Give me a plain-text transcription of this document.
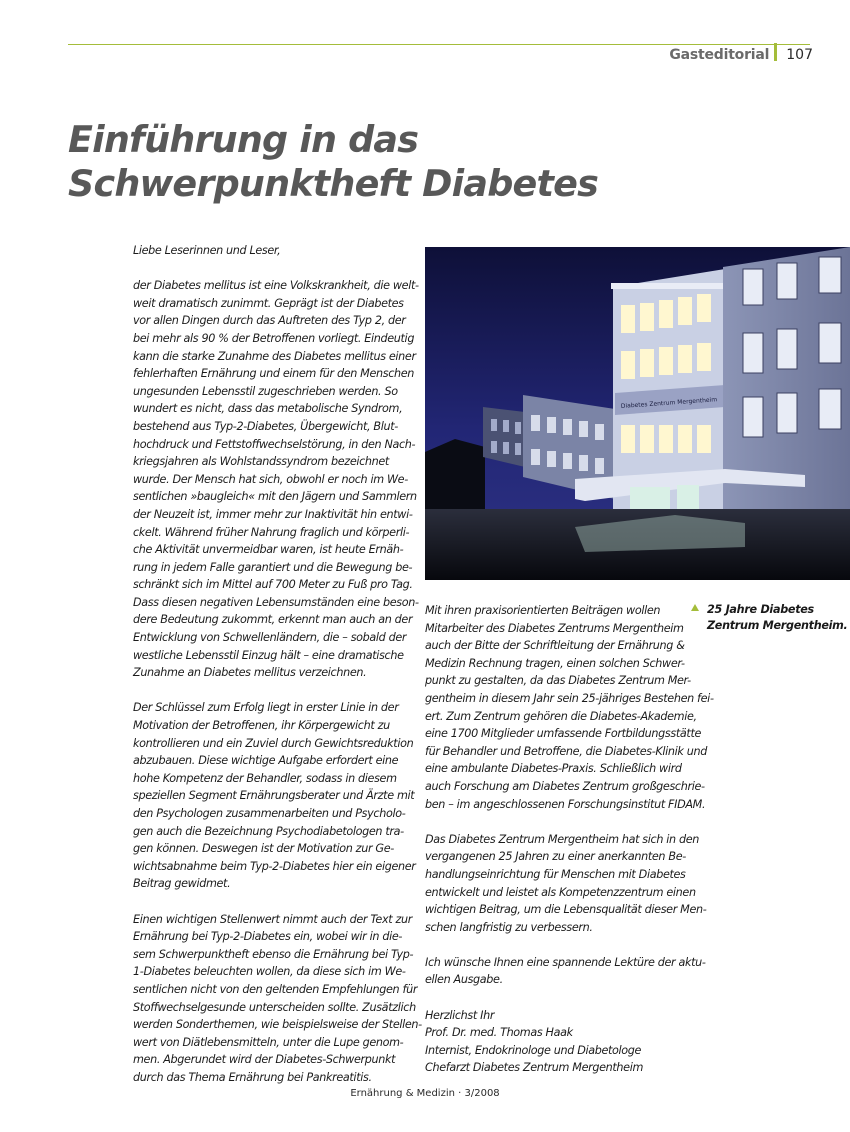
Gasteditorial 107
Einführung in das
Schwerpunktheft Diabetes

Liebe Leserinnen und Leser,

der Diabetes mellitus ist eine Volkskrankheit, die welt-
weit dramatisch zunimmt. Geprägt ist der Diabetes
vor allen Dingen durch das Auftreten des Typ 2, der
bei mehr als 90 % der Betroffenen vorliegt. Eindeutig
kann die starke Zunahme des Diabetes mellitus einer
fehlerhaften Ernährung und einem für den Menschen
ungesunden Lebensstil zugeschrieben werden. So
wundert es nicht, dass das metabolische Syndrom,
bestehend aus Typ-2-Diabetes, Übergewicht, Blut-
hochdruck und Fettstoffwechselstörung, in den Nach-
kriegsjahren als Wohlstandssyndrom bezeichnet
wurde. Der Mensch hat sich, obwohl er noch im We-
sentlichen »baugleich« mit den Jägern und Sammlern
der Neuzeit ist, immer mehr zur Inaktivität hin entwi-
ckelt. Während früher Nahrung fraglich und körperli-
che Aktivität unvermeidbar waren, ist heute Ernäh-
rung in jedem Falle garantiert und die Bewegung be-
schränkt sich im Mittel auf 700 Meter zu Fuß pro Tag.
Dass diesen negativen Lebensumständen eine beson-
dere Bedeutung zukommt, erkennt man auch an der
Entwicklung von Schwellenländern, die – sobald der
westliche Lebensstil Einzug hält – eine dramatische
Zunahme an Diabetes mellitus verzeichnen.

Der Schlüssel zum Erfolg liegt in erster Linie in der
Motivation der Betroffenen, ihr Körpergewicht zu
kontrollieren und ein Zuviel durch Gewichtsreduktion
abzubauen. Diese wichtige Aufgabe erfordert eine
hohe Kompetenz der Behandler, sodass in diesem
speziellen Segment Ernährungsberater und Ärzte mit
den Psychologen zusammenarbeiten und Psycholo-
gen auch die Bezeichnung Psychodiabetologen tra-
gen können. Deswegen ist der Motivation zur Ge-
wichtsabnahme beim Typ-2-Diabetes hier ein eigener
Beitrag gewidmet.

Einen wichtigen Stellenwert nimmt auch der Text zur
Ernährung bei Typ-2-Diabetes ein, wobei wir in die-
sem Schwerpunktheft ebenso die Ernährung bei Typ-
1-Diabetes beleuchten wollen, da diese sich im We-
sentlichen nicht von den geltenden Empfehlungen für
Stoffwechselgesunde unterscheiden sollte. Zusätzlich
werden Sonderthemen, wie beispielsweise der Stellen-
wert von Diätlebensmitteln, unter die Lupe genom-
men. Abgerundet wird der Diabetes-Schwerpunkt
durch das Thema Ernährung bei Pankreatitis.

Diabetes Zentrum Mergentheim

Mit ihren praxisorientierten Beiträgen wollen
Mitarbeiter des Diabetes Zentrums Mergentheim
auch der Bitte der Schriftleitung der Ernährung &
Medizin Rechnung tragen, einen solchen Schwer-
punkt zu gestalten, da das Diabetes Zentrum Mer-
gentheim in diesem Jahr sein 25-jähriges Bestehen fei-
ert. Zum Zentrum gehören die Diabetes-Akademie,
eine 1700 Mitglieder umfassende Fortbildungsstätte
für Behandler und Betroffene, die Diabetes-Klinik und
eine ambulante Diabetes-Praxis. Schließlich wird
auch Forschung am Diabetes Zentrum großgeschrie-
ben – im angeschlossenen Forschungsinstitut FIDAM.

Das Diabetes Zentrum Mergentheim hat sich in den
vergangenen 25 Jahren zu einer anerkannten Be-
handlungseinrichtung für Menschen mit Diabetes
entwickelt und leistet als Kompetenzzentrum einen
wichtigen Beitrag, um die Lebensqualität dieser Men-
schen langfristig zu verbessern.

Ich wünsche Ihnen eine spannende Lektüre der aktu-
ellen Ausgabe.

Herzlichst Ihr
Prof. Dr. med. Thomas Haak
Internist, Endokrinologe und Diabetologe
Chefarzt Diabetes Zentrum Mergentheim
25 Jahre Diabetes
Zentrum Mergentheim.
Ernährung & Medizin · 3/2008
